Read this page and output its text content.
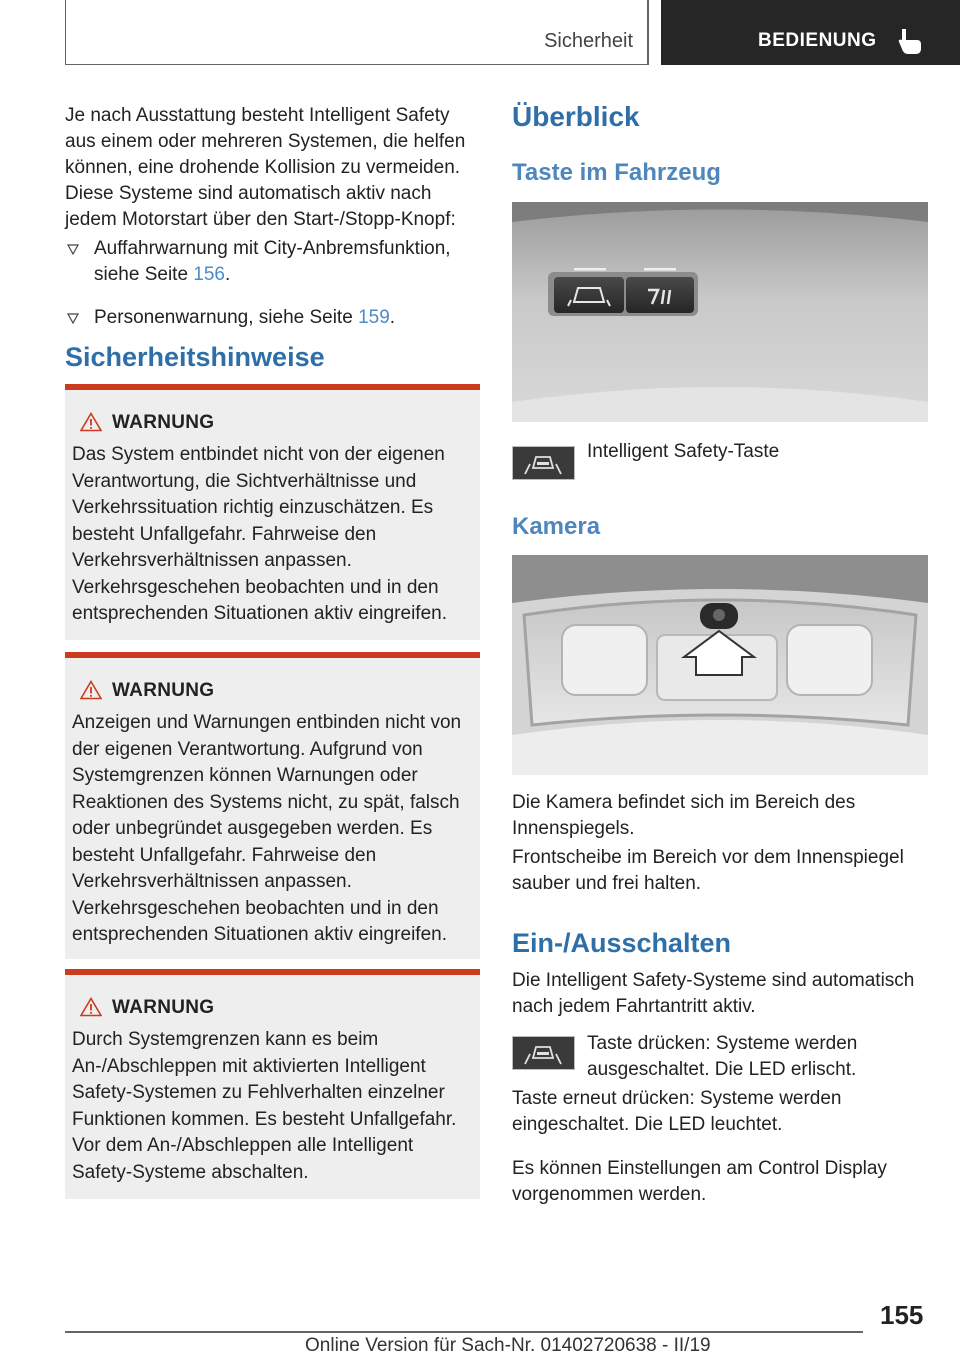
Sicherheit	BEDIENUNG
Je nach Ausstattung besteht Intelligent Safety aus einem oder mehreren Systemen, die helfen können, eine drohende Kollision zu vermeiden. Diese Systeme sind automatisch aktiv nach jedem Motorstart über den Start-/Stopp-Knopf:
Auffahrwarnung mit City-Anbremsfunktion, siehe Seite 156.
Personenwarnung, siehe Seite 159.
Sicherheitshinweise
WARNUNG
Das System entbindet nicht von der eigenen Verantwortung, die Sichtverhältnisse und Verkehrssituation richtig einzuschätzen. Es besteht Unfallgefahr. Fahrweise den Verkehrsverhältnissen anpassen. Verkehrsgeschehen beobachten und in den entsprechenden Situationen aktiv eingreifen.
WARNUNG
Anzeigen und Warnungen entbinden nicht von der eigenen Verantwortung. Aufgrund von Systemgrenzen können Warnungen oder Reaktionen des Systems nicht, zu spät, falsch oder unbegründet ausgegeben werden. Es besteht Unfallgefahr. Fahrweise den Verkehrsverhältnissen anpassen. Verkehrsgeschehen beobachten und in den entsprechenden Situationen aktiv eingreifen.
WARNUNG
Durch Systemgrenzen kann es beim An-/Abschleppen mit aktivierten Intelligent Safety-Systemen zu Fehlverhalten einzelner Funktionen kommen. Es besteht Unfallgefahr. Vor dem An-/Abschleppen alle Intelligent Safety-Systeme abschalten.
Überblick
Taste im Fahrzeug
Intelligent Safety-Taste
Kamera
Die Kamera befindet sich im Bereich des Innenspiegels.
Frontscheibe im Bereich vor dem Innenspiegel sauber und frei halten.
Ein-/Ausschalten
Die Intelligent Safety-Systeme sind automatisch nach jedem Fahrtantritt aktiv.
Taste drücken: Systeme werden ausgeschaltet. Die LED erlischt.
Taste erneut drücken: Systeme werden eingeschaltet. Die LED leuchtet.
Es können Einstellungen am Control Display vorgenommen werden.
155
Online Version für Sach-Nr. 01402720638 - II/19
